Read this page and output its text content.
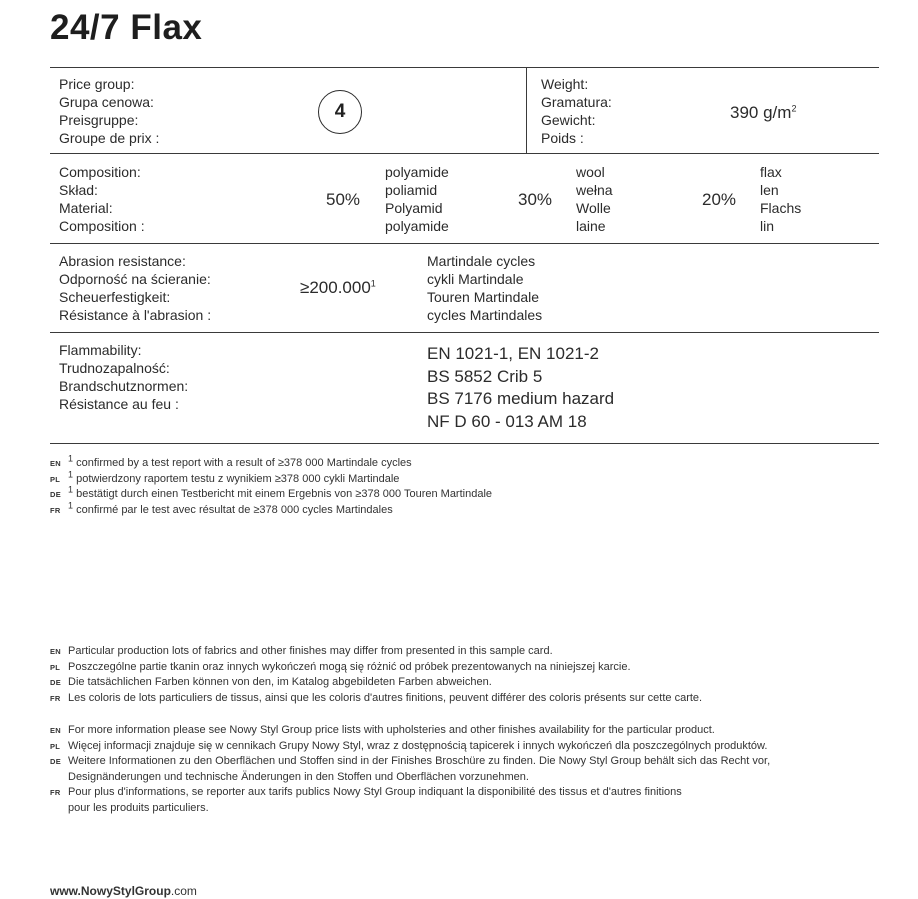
24/7 Flax
Price group:
Grupa cenowa:
Preisgruppe:
Groupe de prix :
4
Weight:
Gramatura:
Gewicht:
Poids :
390 $g/m^2$
Composition:
Skład:
Material:
Composition :
50%
polyamide
poliamid
Polyamid
polyamide
30%
wool
wełna
Wolle
laine
20%
flax
len
Flachs
lin
Abrasion resistance:
Odporność na ścieranie:
Scheuerfestigkeit:
Résistance à l'abrasion :
$\ge 200.000^1$
Martindale cycles
cykli Martindale
Touren Martindale
cycles Martindales
Flammability:
Trudnozapalność:
Brandschutznormen:
Résistance au feu :
EN 1021-1, EN 1021-2
BS 5852 Crib 5
BS 7176 medium hazard
NF D 60 - 013 AM 18
$EN^1$ confirmed by a test report with a result of ≥378 000 Martindale cycles
$PL^1$ potwierdzony raportem testu z wynikiem ≥378 000 cykli Martindale
$DE^1$ bestätigt durch einen Testbericht mit einem Ergebnis von ≥378 000 Touren Martindale
$FR^1$ confirmé par le test avec résultat de ≥378 000 cycles Martindales
EN Particular production lots of fabrics and other finishes may differ from presented in this sample card.
PL Poszczególne partie tkanin oraz innych wykończeń mogą się różnić od próbek prezentowanych na niniejszej karcie.
DE Die tatsächlichen Farben können von den, im Katalog abgebildeten Farben abweichen.
FR Les coloris de lots particuliers de tissus, ainsi que les coloris d'autres finitions, peuvent différer des coloris présents sur cette carte.
EN For more information please see Nowy Styl Group price lists with upholsteries and other finishes availability for the particular product.
PL Więcej informacji znajduje się w cennikach Grupy Nowy Styl, wraz z dostępnością tapicerek i innych wykończeń dla poszczególnych produktów.
DE Weitere Informationen zu den Oberflächen und Stoffen sind in der Finishes Broschüre zu finden. Die Nowy Styl Group behält sich das Recht vor,
Designänderungen und technische Änderungen in den Stoffen und Oberflächen vorzunehmen.
FR Pour plus d'informations, se reporter aux tarifs publics Nowy Styl Group indiquant la disponibilité des tissus et d'autres finitions
pour les produits particuliers.
www.NowyStylGroup.com
